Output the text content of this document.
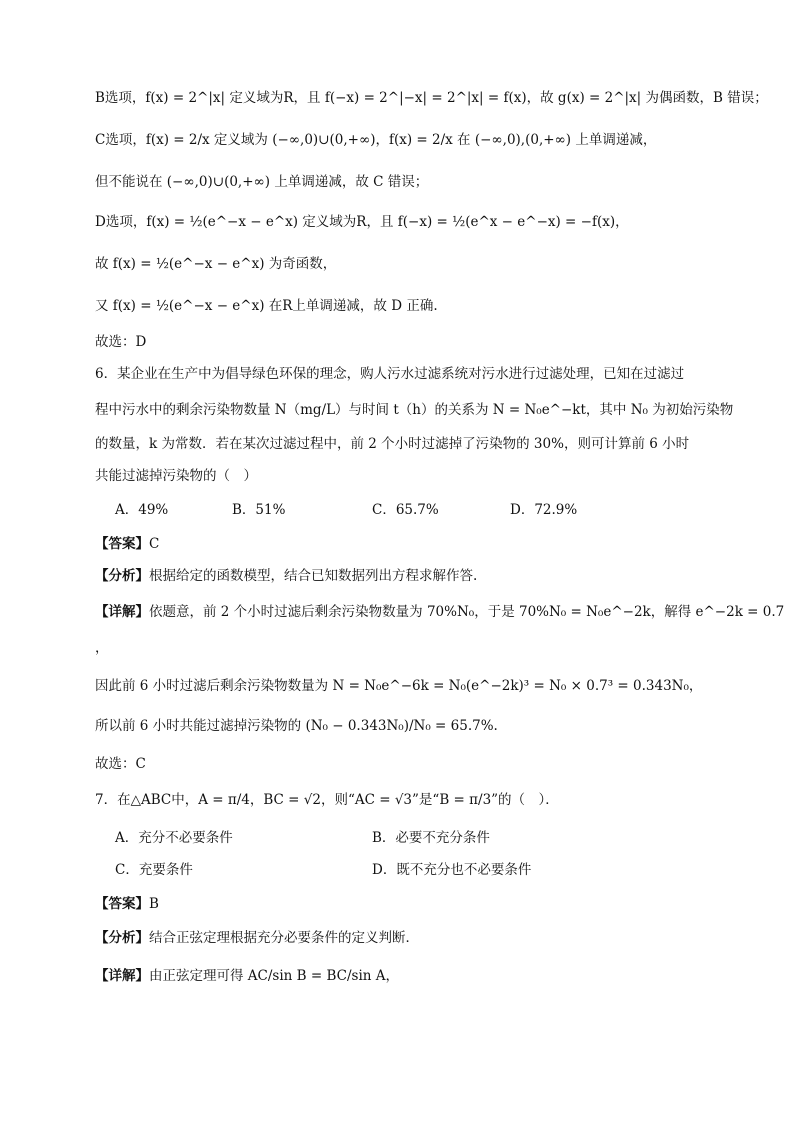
B选项，f(x) = 2^|x| 定义域为R，且 f(−x) = 2^|−x| = 2^|x| = f(x)，故 g(x) = 2^|x| 为偶函数，B 错误；
C选项，f(x) = 2/x 定义域为 (−∞,0)∪(0,+∞)，f(x) = 2/x 在 (−∞,0),(0,+∞) 上单调递减，
但不能说在 (−∞,0)∪(0,+∞) 上单调递减，故 C 错误；
D选项，f(x) = ½(e^−x − e^x) 定义域为R，且 f(−x) = ½(e^x − e^−x) = −f(x)，
故 f(x) = ½(e^−x − e^x) 为奇函数，
又 f(x) = ½(e^−x − e^x) 在R上单调递减，故 D 正确.
故选：D
6．某企业在生产中为倡导绿色环保的理念，购人污水过滤系统对污水进行过滤处理，已知在过滤过
程中污水中的剩余污染物数量 N（mg/L）与时间 t（h）的关系为 N = N₀e^−kt，其中 N₀ 为初始污染物
的数量，k 为常数．若在某次过滤过程中，前 2 个小时过滤掉了污染物的 30%，则可计算前 6 小时
共能过滤掉污染物的（　）
A．49%	B．51%	C．65.7%	D．72.9%
【答案】C
【分析】根据给定的函数模型，结合已知数据列出方程求解作答.
【详解】依题意，前 2 个小时过滤后剩余污染物数量为 70%N₀，于是 70%N₀ = N₀e^−2k，解得 e^−2k = 0.7
，
因此前 6 小时过滤后剩余污染物数量为 N = N₀e^−6k = N₀(e^−2k)³ = N₀ × 0.7³ = 0.343N₀，
所以前 6 小时共能过滤掉污染物的 (N₀ − 0.343N₀)/N₀ = 65.7%.
故选：C
7．在△ABC中，A = π/4，BC = √2，则“AC = √3”是“B = π/3”的（　）．
A．充分不必要条件	B．必要不充分条件
C．充要条件	D．既不充分也不必要条件
【答案】B
【分析】结合正弦定理根据充分必要条件的定义判断．
【详解】由正弦定理可得 AC/sin B = BC/sin A，
